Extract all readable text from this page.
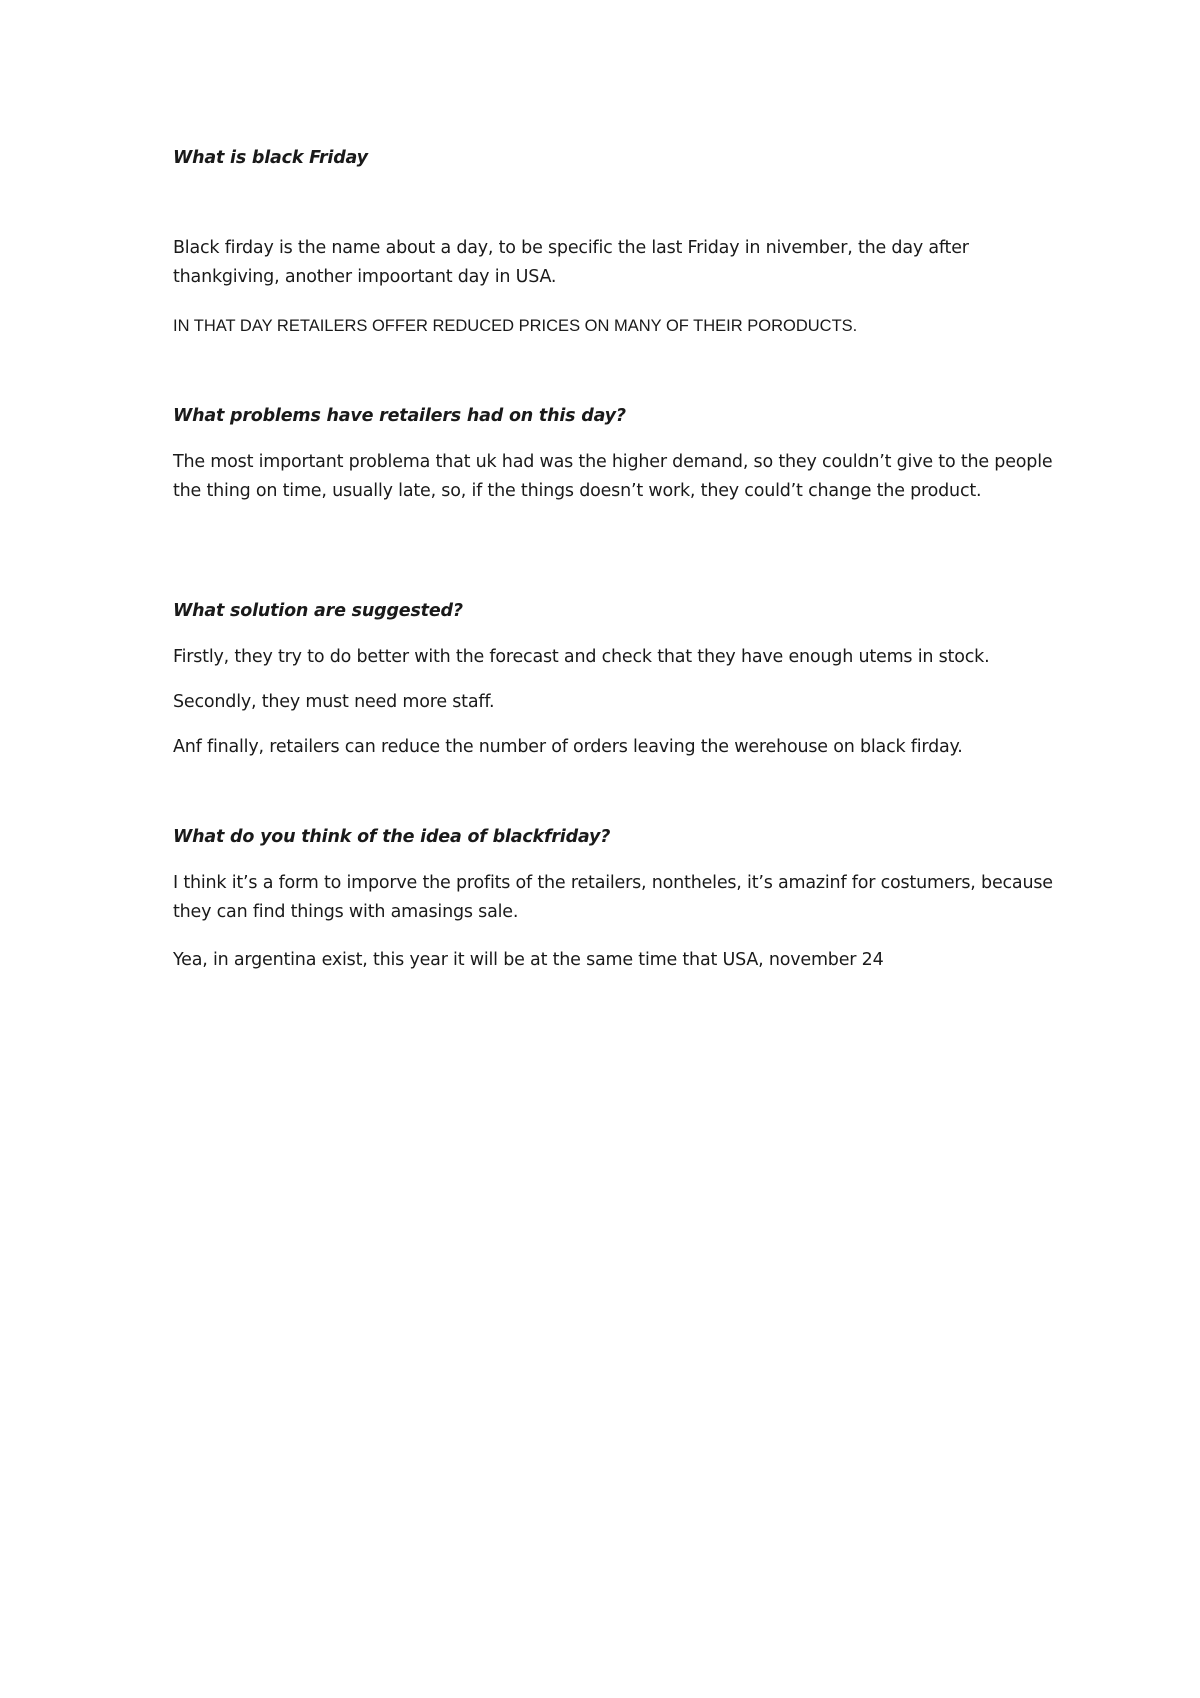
What is black Friday
Black firday is the name about a day, to be specific the last Friday in nivember, the day after thankgiving, another impoortant day in USA.
IN THAT DAY RETAILERS OFFER REDUCED PRICES ON MANY OF THEIR PORODUCTS.
What problems have retailers had on this day?
The most important problema that uk had was the higher demand, so they couldn’t give to the people the thing on time, usually late, so, if the things doesn’t work, they could’t change the product.
What solution are suggested?
Firstly, they try to do better with the forecast and check that they have enough utems in stock.
Secondly, they must need more staff.
Anf finally, retailers can reduce the number of orders leaving the werehouse on black firday.
What do you think of the idea of blackfriday?
I think it’s a form to imporve the profits of the retailers, nontheles, it’s amazinf for costumers, because they can find things with amasings sale.
Yea, in argentina exist, this year it will be at the same time that USA, november 24
